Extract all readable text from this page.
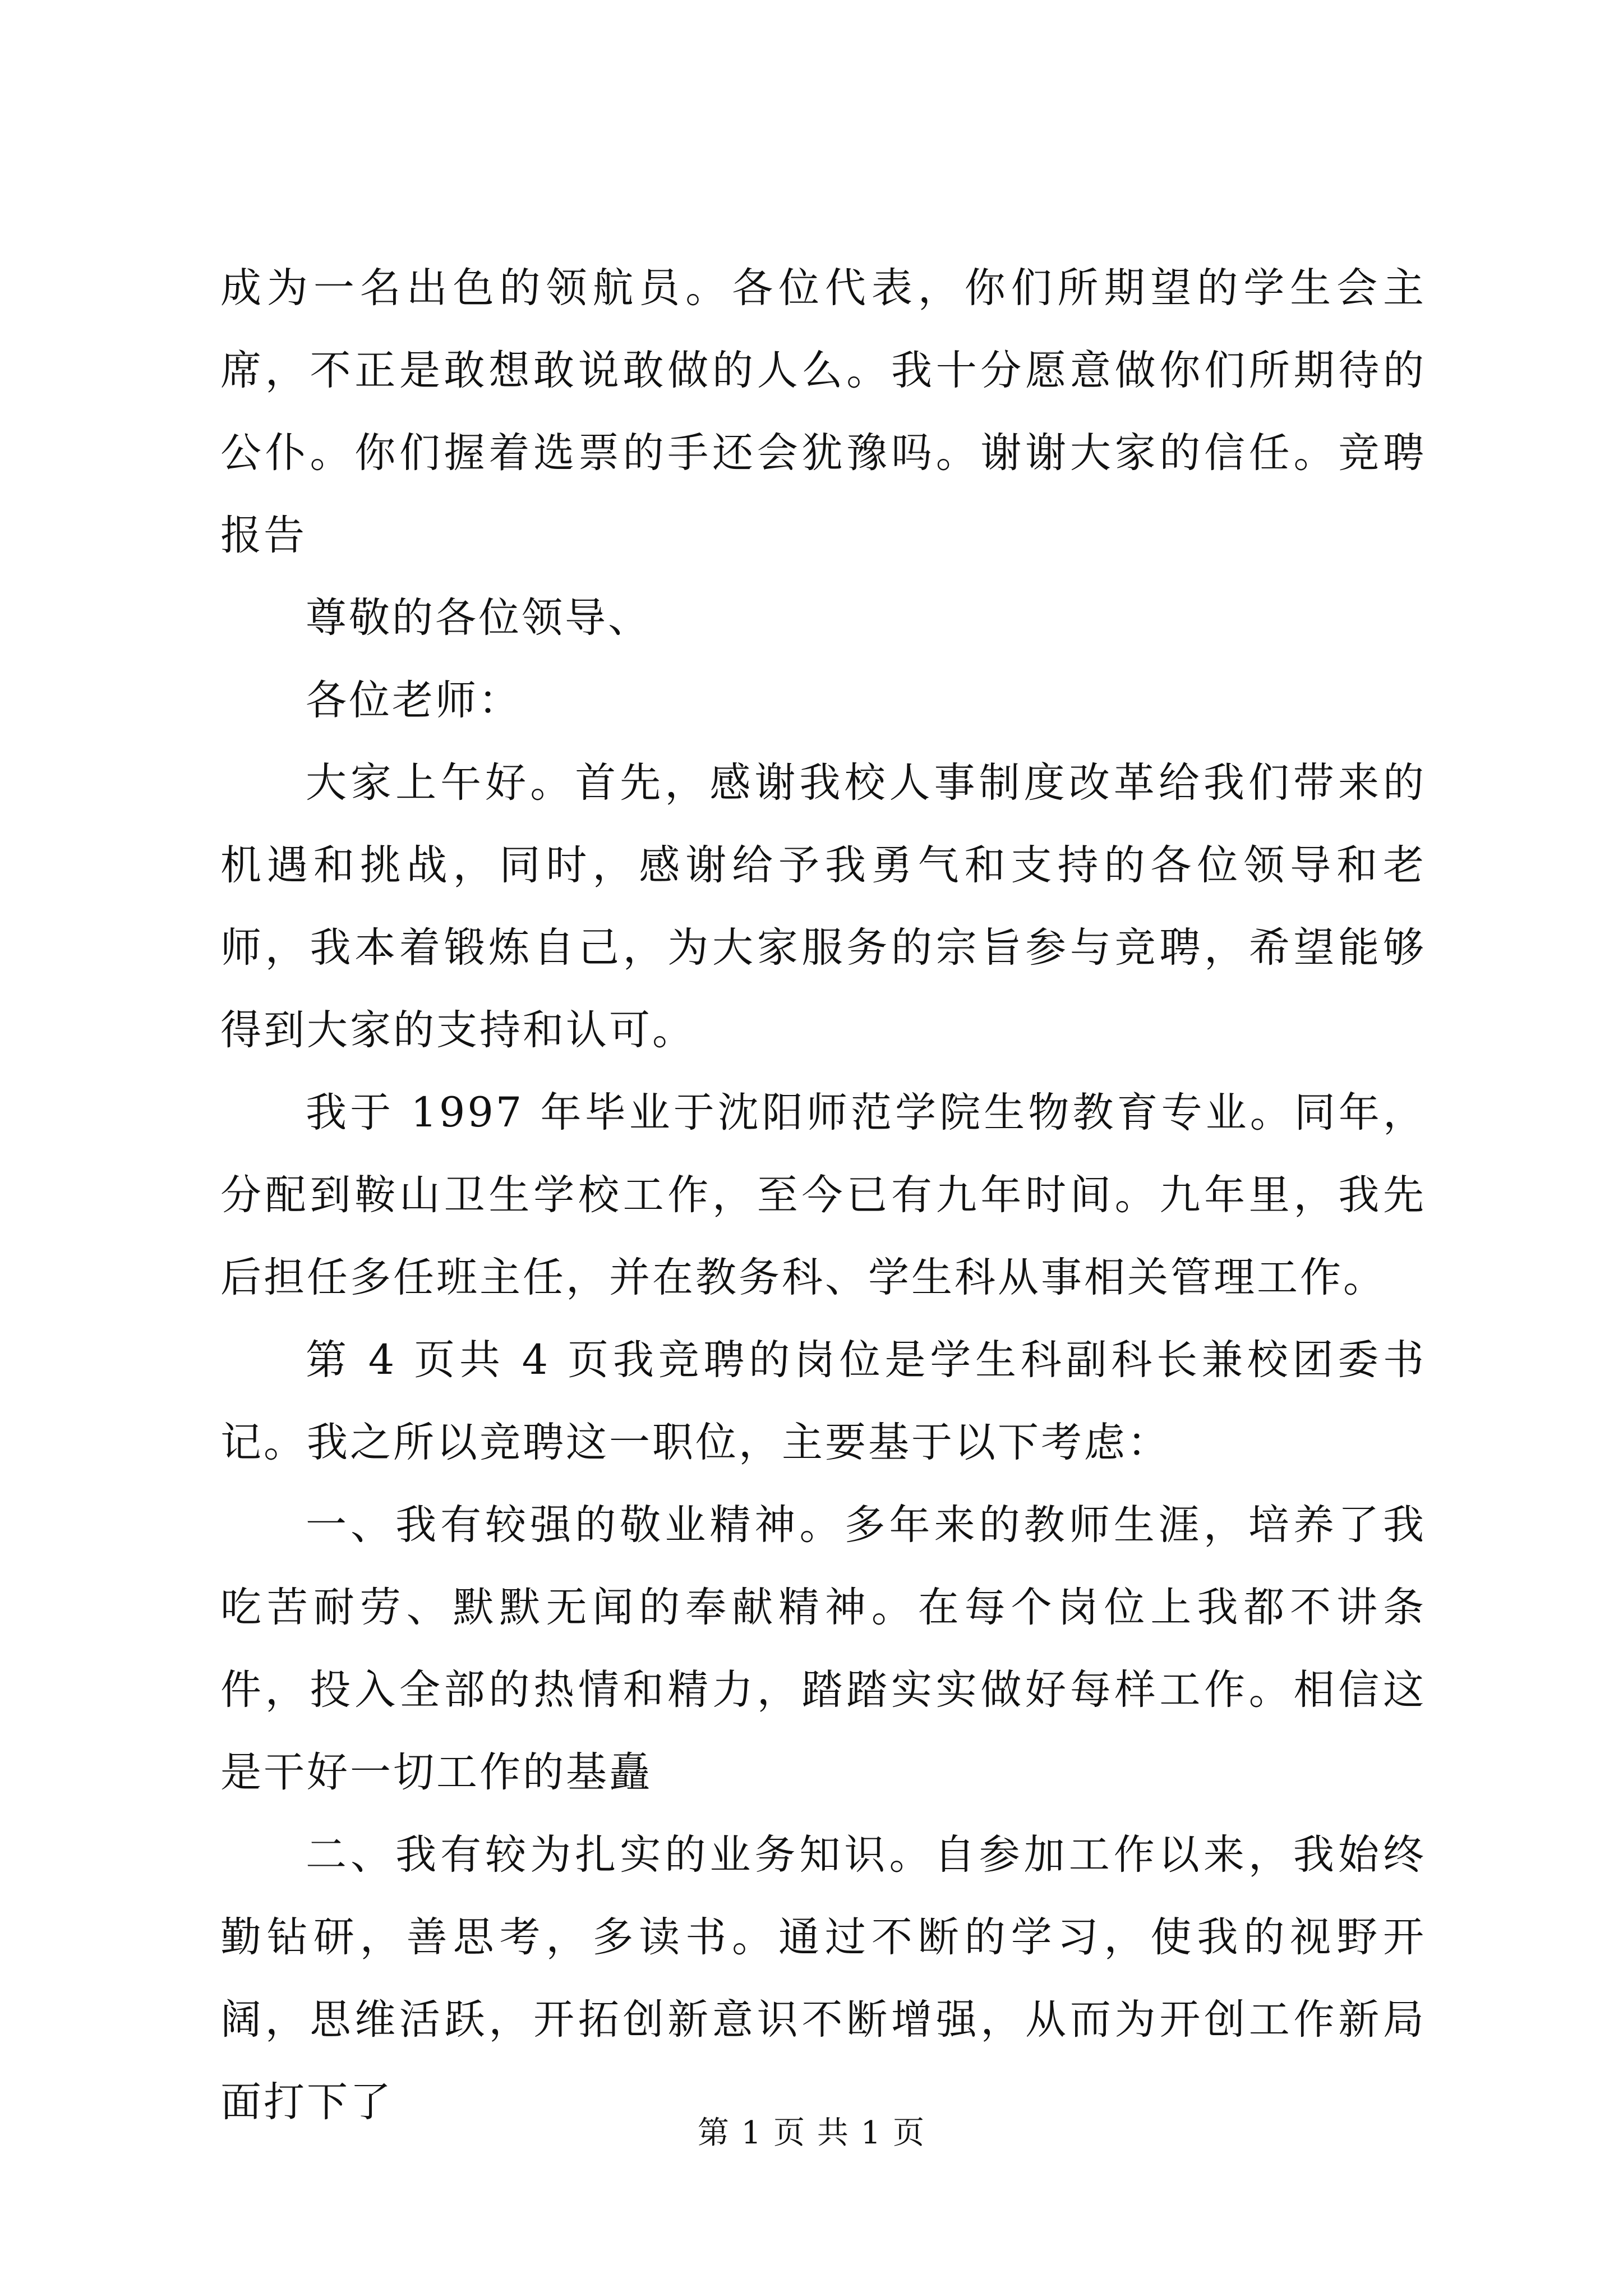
成为一名出色的领航员。各位代表，你们所期望的学生会主席，不正是敢想敢说敢做的人么。我十分愿意做你们所期待的公仆。你们握着选票的手还会犹豫吗。谢谢大家的信任。竞聘报告

尊敬的各位领导、

各位老师：

大家上午好。首先，感谢我校人事制度改革给我们带来的机遇和挑战，同时，感谢给予我勇气和支持的各位领导和老师，我本着锻炼自己，为大家服务的宗旨参与竞聘，希望能够得到大家的支持和认可。

我于 1997 年毕业于沈阳师范学院生物教育专业。同年，分配到鞍山卫生学校工作，至今已有九年时间。九年里，我先后担任多任班主任，并在教务科、学生科从事相关管理工作。

第 4 页共 4 页我竞聘的岗位是学生科副科长兼校团委书记。我之所以竞聘这一职位，主要基于以下考虑：

一、我有较强的敬业精神。多年来的教师生涯，培养了我吃苦耐劳、默默无闻的奉献精神。在每个岗位上我都不讲条件，投入全部的热情和精力，踏踏实实做好每样工作。相信这是干好一切工作的基矗

二、我有较为扎实的业务知识。自参加工作以来，我始终勤钻研，善思考，多读书。通过不断的学习，使我的视野开阔，思维活跃，开拓创新意识不断增强，从而为开创工作新局面打下了

第 1 页 共 1 页
